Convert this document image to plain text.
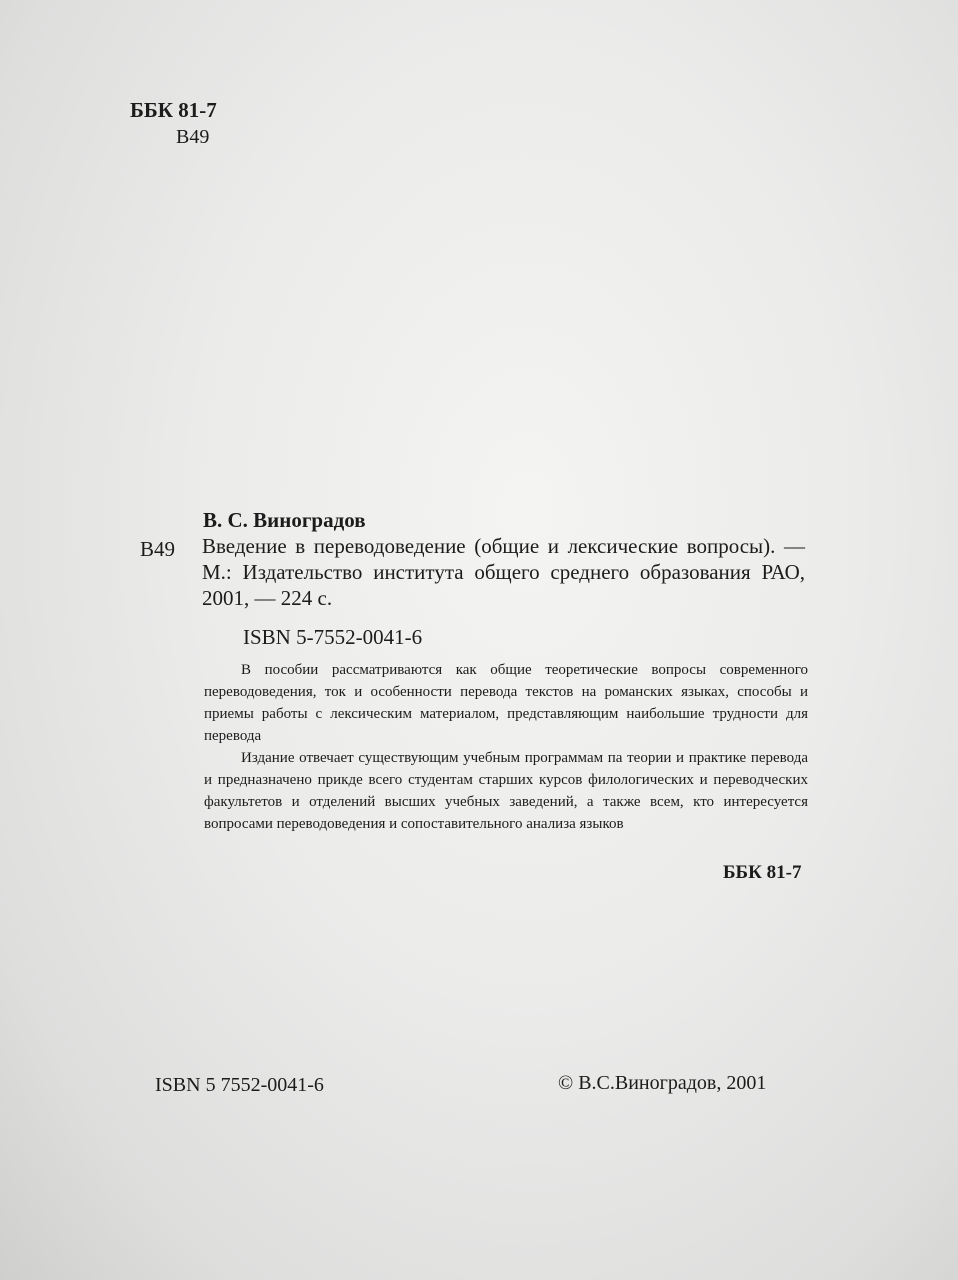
ББК 81-7
В49
В. С. Виноградов
В49 Введение в переводоведение (общие и лексические вопросы). — М.: Издательство института общего среднего образования РАО, 2001, — 224 с.
ISBN 5-7552-0041-6

В пособии рассматриваются как общие теоретические вопросы современного переводоведения, ток и особенности перевода текстов на романских языках, способы и приемы работы с лексическим материалом, представляющим наибольшие трудности для перевода

Издание отвечает существующим учебным программам па теории и практике перевода и предназначено прикде всего студентам старших курсов филологических и переводческих факультетов и отделений высших учебных заведений, а также всем, кто интересуется вопросами переводоведения и сопоставительного анализа языков

ББК 81-7
ISBN 5 7552-0041-6	© В.С.Виноградов, 2001
